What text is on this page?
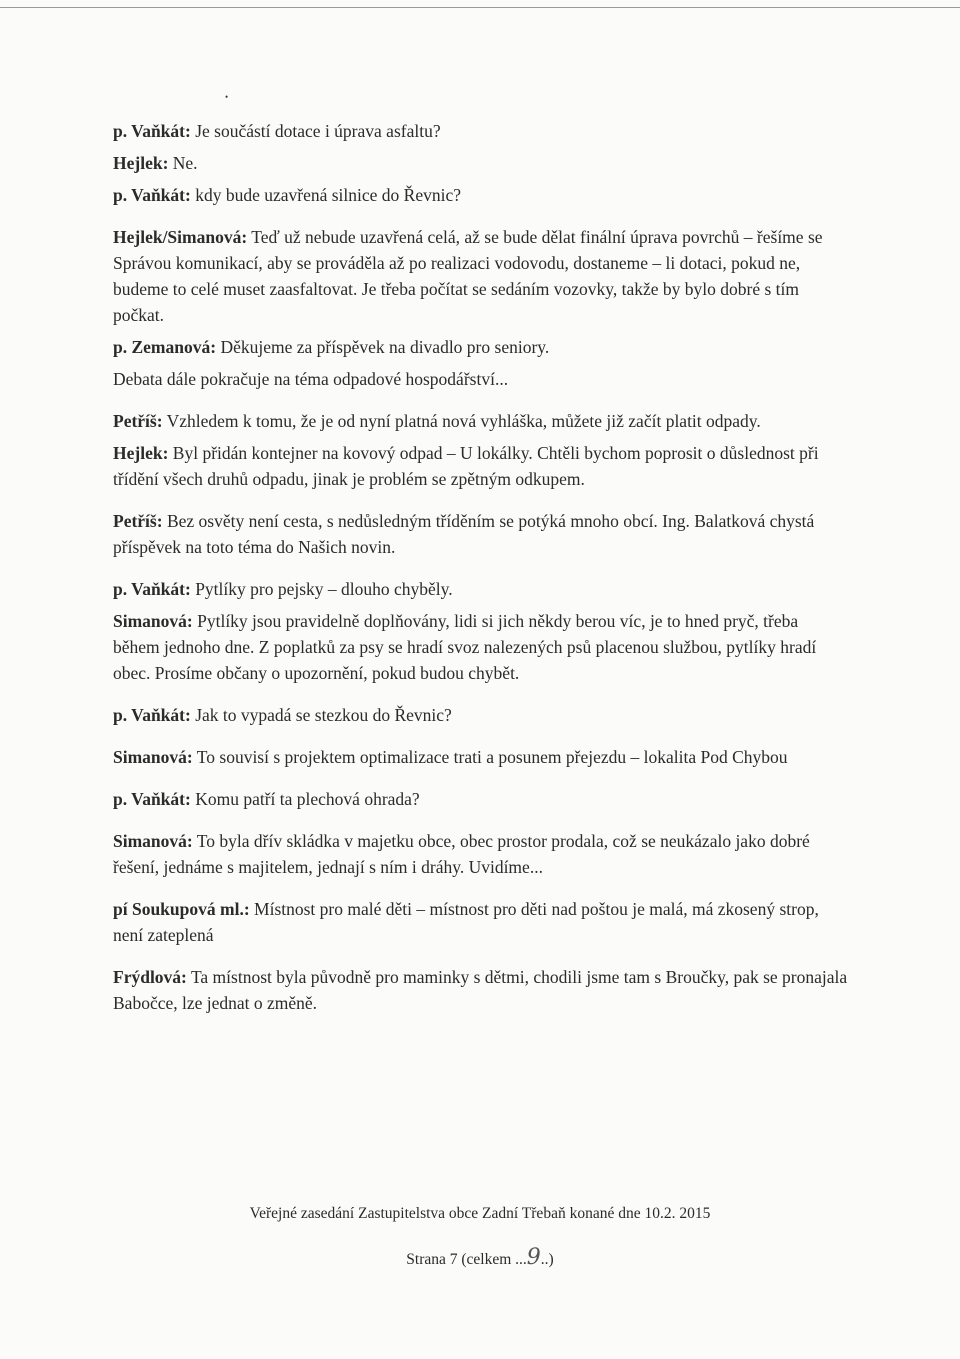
•

p. Vaňkát: Je součástí dotace i úprava asfaltu?

Hejlek: Ne.

p. Vaňkát: kdy bude uzavřená silnice do Řevnic?

Hejlek/Simanová: Teď už nebude uzavřená celá, až se bude dělat finální úprava povrchů – řešíme se Správou komunikací, aby se prováděla až po realizaci vodovodu, dostaneme – li dotaci, pokud ne, budeme to celé muset zaasfaltovat. Je třeba počítat se sedáním vozovky, takže by bylo dobré s tím počkat.

p. Zemanová: Děkujeme za příspěvek na divadlo pro seniory.

Debata dále pokračuje na téma odpadové hospodářství...

Petříš: Vzhledem k tomu, že je od nyní platná nová vyhláška, můžete již začít platit odpady.

Hejlek: Byl přidán kontejner na kovový odpad – U lokálky. Chtěli bychom poprosit o důslednost při třídění všech druhů odpadu, jinak je problém se zpětným odkupem.

Petříš: Bez osvěty není cesta, s nedůsledným tříděním se potýká mnoho obcí. Ing. Balatková chystá příspěvek na toto téma do Našich novin.

p. Vaňkát: Pytlíky pro pejsky – dlouho chyběly.

Simanová: Pytlíky jsou pravidelně doplňovány, lidi si jich někdy berou víc, je to hned pryč, třeba během jednoho dne. Z poplatků za psy se hradí svoz nalezených psů placenou službou, pytlíky hradí obec. Prosíme občany o upozornění, pokud budou chybět.

p. Vaňkát: Jak to vypadá se stezkou do Řevnic?

Simanová: To souvisí s projektem optimalizace trati a posunem přejezdu – lokalita Pod Chybou

p. Vaňkát: Komu patří ta plechová ohrada?

Simanová: To byla dřív skládka v majetku obce, obec prostor prodala, což se neukázalo jako dobré řešení, jednáme s majitelem, jednají s ním i dráhy. Uvidíme...

pí Soukupová ml.: Místnost pro malé děti – místnost pro děti nad poštou je malá, má zkosený strop, není zateplená

Frýdlová: Ta místnost byla původně pro maminky s dětmi, chodili jsme tam s Broučky, pak se pronajala Babočce, lze jednat o změně.

Veřejné zasedání Zastupitelstva obce Zadní Třebaň konané dne 10.2. 2015
Strana 7 (celkem ...9..)
